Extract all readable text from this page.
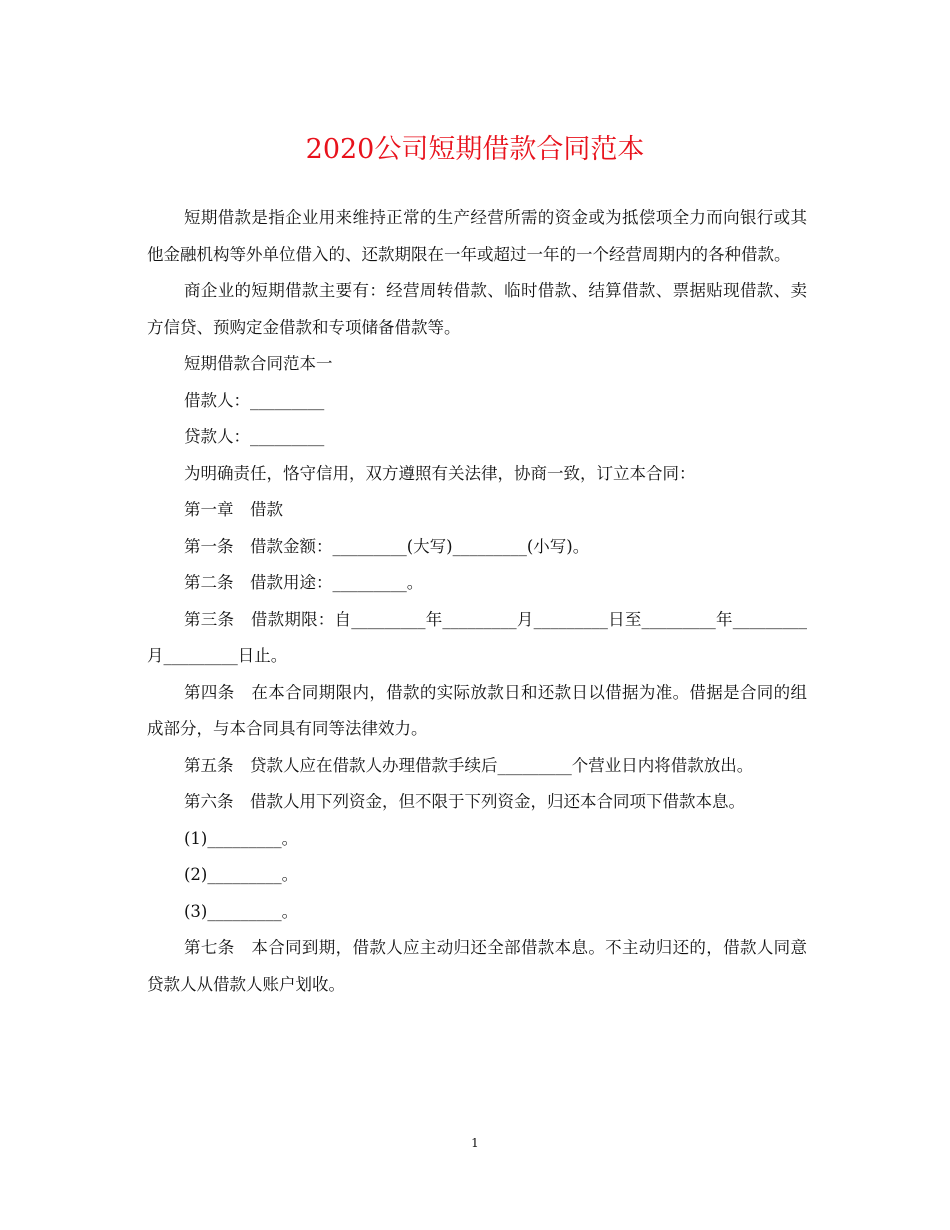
2020公司短期借款合同范本

短期借款是指企业用来维持正常的生产经营所需的资金或为抵偿项全力而向银行或其他金融机构等外单位借入的、还款期限在一年或超过一年的一个经营周期内的各种借款。

商企业的短期借款主要有：经营周转借款、临时借款、结算借款、票据贴现借款、卖方信贷、预购定金借款和专项储备借款等。

短期借款合同范本一

借款人：_________

贷款人：_________

为明确责任，恪守信用，双方遵照有关法律，协商一致，订立本合同：

第一章　借款

第一条　借款金额：_________(大写)_________(小写)。

第二条　借款用途：_________。

第三条　借款期限：自_________年_________月_________日至_________年_________月_________日止。

第四条　在本合同期限内，借款的实际放款日和还款日以借据为准。借据是合同的组成部分，与本合同具有同等法律效力。

第五条　贷款人应在借款人办理借款手续后_________个营业日内将借款放出。

第六条　借款人用下列资金，但不限于下列资金，归还本合同项下借款本息。

(1)_________。

(2)_________。

(3)_________。

第七条　本合同到期，借款人应主动归还全部借款本息。不主动归还的，借款人同意贷款人从借款人账户划收。

1
